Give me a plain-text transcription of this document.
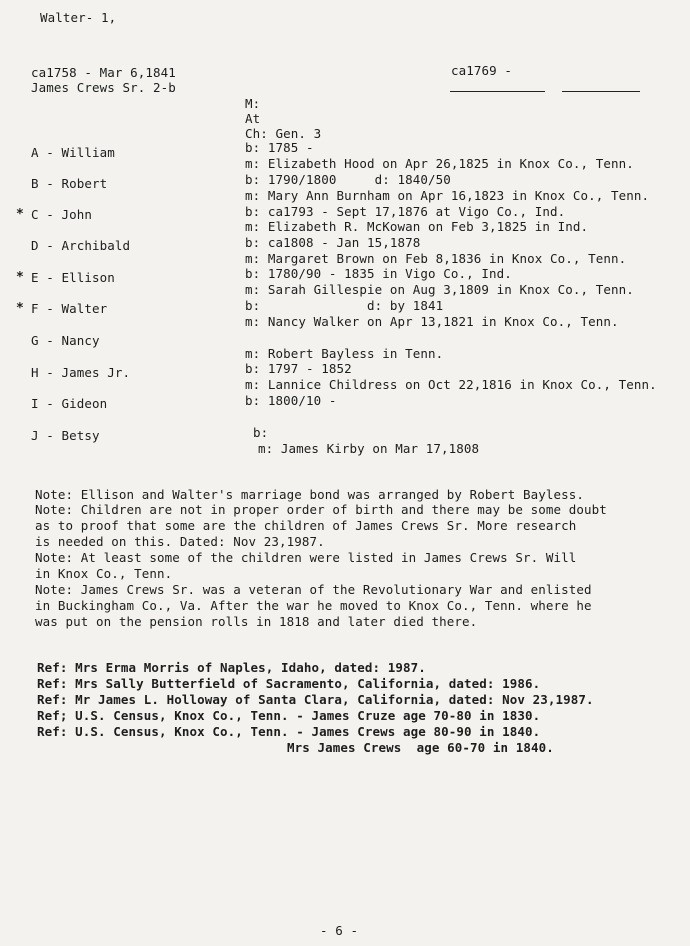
Walter- 1,
ca1758 - Mar 6,1841
James Crews Sr. 2-b
ca1769 -
M:
At
Ch: Gen. 3
A - William
B - Robert
* C - John
D - Archibald
* E - Ellison
* F - Walter
G - Nancy
H - James Jr.
I - Gideon
J - Betsy
b: 1785 -
m: Elizabeth Hood on Apr 26,1825 in Knox Co., Tenn.
b: 1790/1800     d: 1840/50
m: Mary Ann Burnham on Apr 16,1823 in Knox Co., Tenn.
b: ca1793 - Sept 17,1876 at Vigo Co., Ind.
m: Elizabeth R. McKowan on Feb 3,1825 in Ind.
b: ca1808 - Jan 15,1878
m: Margaret Brown on Feb 8,1836 in Knox Co., Tenn.
b: 1780/90 - 1835 in Vigo Co., Ind.
m: Sarah Gillespie on Aug 3,1809 in Knox Co., Tenn.
b:              d: by 1841
m: Nancy Walker on Apr 13,1821 in Knox Co., Tenn.
m: Robert Bayless in Tenn.
b: 1797 - 1852
m: Lannice Childress on Oct 22,1816 in Knox Co., Tenn.
b: 1800/10 -
b:
m: James Kirby on Mar 17,1808
Note: Ellison and Walter's marriage bond was arranged by Robert Bayless.
Note: Children are not in proper order of birth and there may be some doubt
as to proof that some are the children of James Crews Sr. More research
is needed on this. Dated: Nov 23,1987.
Note: At least some of the children were listed in James Crews Sr. Will
in Knox Co., Tenn.
Note: James Crews Sr. was a veteran of the Revolutionary War and enlisted
in Buckingham Co., Va. After the war he moved to Knox Co., Tenn. where he
was put on the pension rolls in 1818 and later died there.
Ref: Mrs Erma Morris of Naples, Idaho, dated: 1987.
Ref: Mrs Sally Butterfield of Sacramento, California, dated: 1986.
Ref: Mr James L. Holloway of Santa Clara, California, dated: Nov 23,1987.
Ref; U.S. Census, Knox Co., Tenn. - James Cruze age 70-80 in 1830.
Ref: U.S. Census, Knox Co., Tenn. - James Crews age 80-90 in 1840.
Mrs James Crews  age 60-70 in 1840.
- 6 -
